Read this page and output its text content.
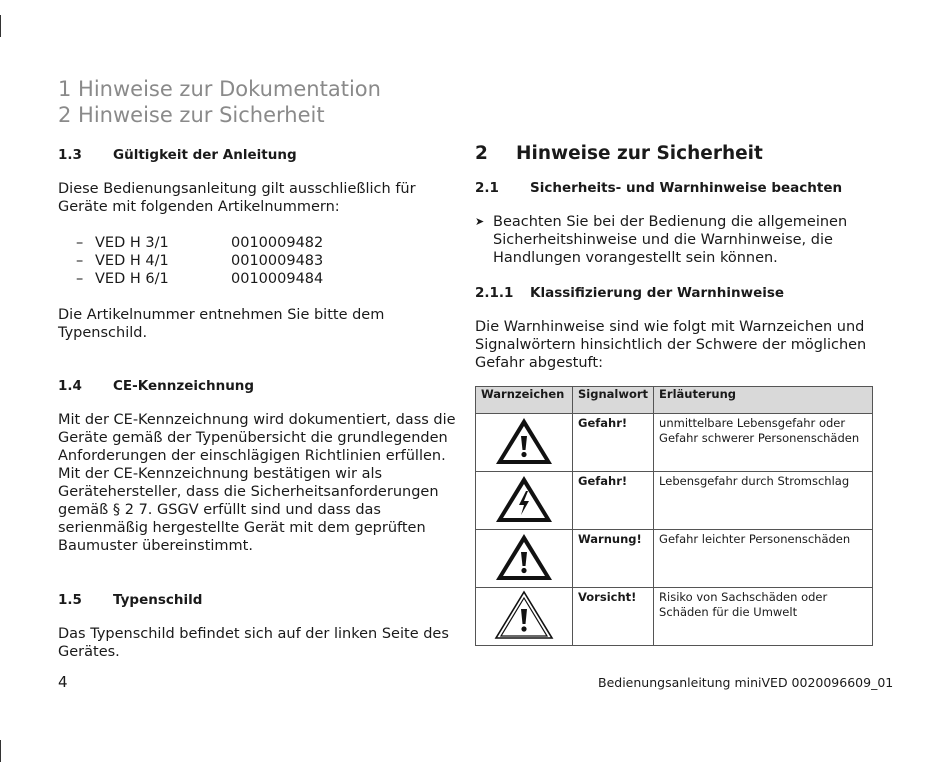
1 Hinweise zur Dokumentation
2 Hinweise zur Sicherheit
1.3	Gültigkeit der Anleitung

Diese Bedienungsanleitung gilt ausschließlich für Geräte mit folgenden Artikelnummern:

– VED H 3/1	0010009482
– VED H 4/1	0010009483
– VED H 6/1	0010009484

Die Artikelnummer entnehmen Sie bitte dem Typenschild.

1.4	CE-Kennzeichnung

Mit der CE-Kennzeichnung wird dokumentiert, dass die Geräte gemäß der Typenübersicht die grundlegenden Anforderungen der einschlägigen Richtlinien erfüllen. Mit der CE-Kennzeichnung bestätigen wir als Gerätehersteller, dass die Sicherheitsanforderungen gemäß § 2 7. GSGV erfüllt sind und dass das serienmäßig hergestellte Gerät mit dem geprüften Baumuster übereinstimmt.

1.5	Typenschild

Das Typenschild befindet sich auf der linken Seite des Gerätes.

2	Hinweise zur Sicherheit
2.1	Sicherheits- und Warnhinweise beachten
➤ Beachten Sie bei der Bedienung die allgemeinen Sicherheitshinweise und die Warnhinweise, die Handlungen vorangestellt sein können.
2.1.1	Klassifizierung der Warnhinweise

Die Warnhinweise sind wie folgt mit Warnzeichen und Signalwörtern hinsichtlich der Schwere der möglichen Gefahr abgestuft:

Warnzeichen	Signalwort	Erläuterung
	Gefahr!	unmittelbare Lebensgefahr oder Gefahr schwerer Personenschäden
	Gefahr!	Lebensgefahr durch Stromschlag
	Warnung!	Gefahr leichter Personenschäden
	Vorsicht!	Risiko von Sachschäden oder Schäden für die Umwelt
4	Bedienungsanleitung miniVED 0020096609_01
